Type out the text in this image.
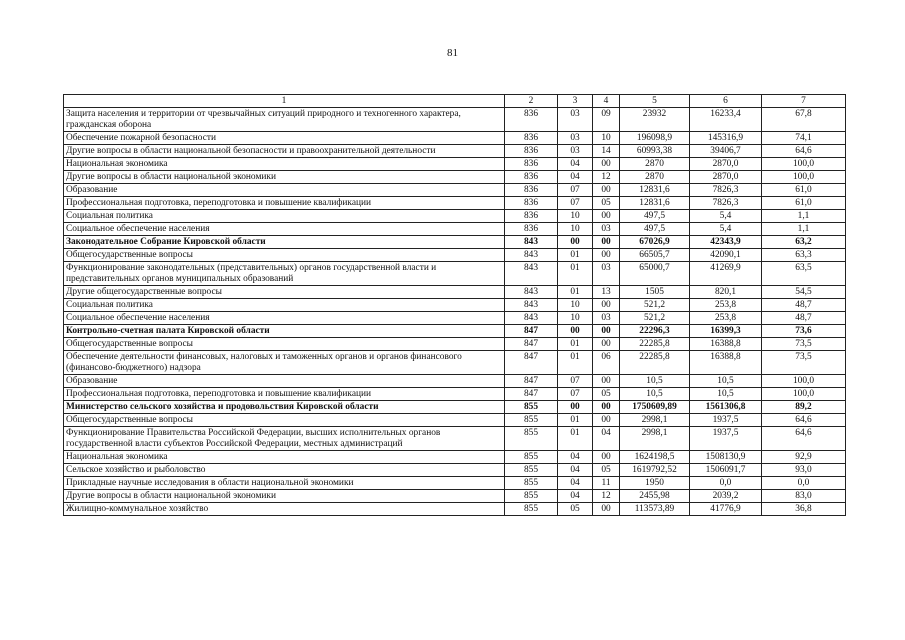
81
1	2	3	4	5	6	7
Защита населения и территории от чрезвычайных ситуаций природного и техногенного характера, гражданская оборона	836	03	09	23932	16233,4	67,8
Обеспечение пожарной безопасности	836	03	10	196098,9	145316,9	74,1
Другие вопросы в области национальной безопасности и правоохранительной деятельности	836	03	14	60993,38	39406,7	64,6
Национальная экономика	836	04	00	2870	2870,0	100,0
Другие вопросы в области национальной экономики	836	04	12	2870	2870,0	100,0
Образование	836	07	00	12831,6	7826,3	61,0
Профессиональная подготовка, переподготовка и повышение квалификации	836	07	05	12831,6	7826,3	61,0
Социальная политика	836	10	00	497,5	5,4	1,1
Социальное обеспечение населения	836	10	03	497,5	5,4	1,1
Законодательное Собрание Кировской области	843	00	00	67026,9	42343,9	63,2
Общегосударственные вопросы	843	01	00	66505,7	42090,1	63,3
Функционирование законодательных (представительных) органов государственной власти и представительных органов муниципальных образований	843	01	03	65000,7	41269,9	63,5
Другие общегосударственные вопросы	843	01	13	1505	820,1	54,5
Социальная политика	843	10	00	521,2	253,8	48,7
Социальное обеспечение населения	843	10	03	521,2	253,8	48,7
Контрольно-счетная палата Кировской области	847	00	00	22296,3	16399,3	73,6
Общегосударственные вопросы	847	01	00	22285,8	16388,8	73,5
Обеспечение деятельности финансовых, налоговых и таможенных органов и органов финансового (финансово-бюджетного) надзора	847	01	06	22285,8	16388,8	73,5
Образование	847	07	00	10,5	10,5	100,0
Профессиональная подготовка, переподготовка и повышение квалификации	847	07	05	10,5	10,5	100,0
Министерство сельского хозяйства и продовольствия Кировской области	855	00	00	1750609,89	1561306,8	89,2
Общегосударственные вопросы	855	01	00	2998,1	1937,5	64,6
Функционирование Правительства Российской Федерации, высших исполнительных органов государственной власти субъектов Российской Федерации, местных администраций	855	01	04	2998,1	1937,5	64,6
Национальная экономика	855	04	00	1624198,5	1508130,9	92,9
Сельское хозяйство и рыболовство	855	04	05	1619792,52	1506091,7	93,0
Прикладные научные исследования в области национальной экономики	855	04	11	1950	0,0	0,0
Другие вопросы в области национальной экономики	855	04	12	2455,98	2039,2	83,0
Жилищно-коммунальное хозяйство	855	05	00	113573,89	41776,9	36,8
